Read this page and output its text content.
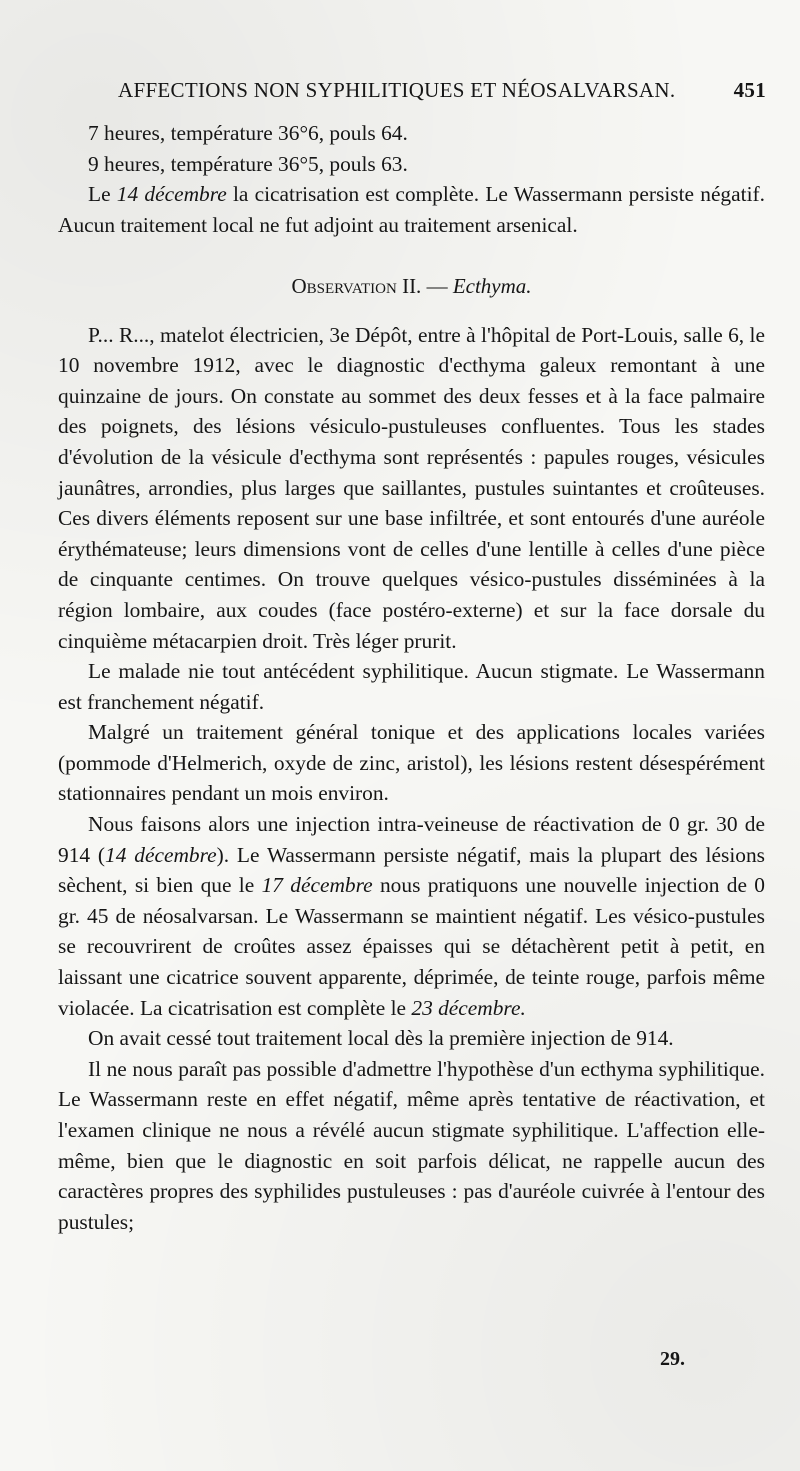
AFFECTIONS NON SYPHILITIQUES ET NÉOSALVARSAN.	451

7 heures, température 36°6, pouls 64.

9 heures, température 36°5, pouls 63.

Le 14 décembre la cicatrisation est complète. Le Wassermann persiste négatif. Aucun traitement local ne fut adjoint au traitement arsenical.

Observation II. — Ecthyma.

P... R..., matelot électricien, 3e Dépôt, entre à l'hôpital de Port-Louis, salle 6, le 10 novembre 1912, avec le diagnostic d'ecthyma galeux remontant à une quinzaine de jours. On constate au sommet des deux fesses et à la face palmaire des poignets, des lésions vésiculo-pustuleuses confluentes. Tous les stades d'évolution de la vésicule d'ecthyma sont représentés : papules rouges, vésicules jaunâtres, arrondies, plus larges que saillantes, pustules suintantes et croûteuses. Ces divers éléments reposent sur une base infiltrée, et sont entourés d'une auréole érythémateuse; leurs dimensions vont de celles d'une lentille à celles d'une pièce de cinquante centimes. On trouve quelques vésico-pustules disséminées à la région lombaire, aux coudes (face postéro-externe) et sur la face dorsale du cinquième métacarpien droit. Très léger prurit.

Le malade nie tout antécédent syphilitique. Aucun stigmate. Le Wassermann est franchement négatif.

Malgré un traitement général tonique et des applications locales variées (pommode d'Helmerich, oxyde de zinc, aristol), les lésions restent désespérément stationnaires pendant un mois environ.

Nous faisons alors une injection intra-veineuse de réactivation de 0 gr. 30 de 914 (14 décembre). Le Wassermann persiste négatif, mais la plupart des lésions sèchent, si bien que le 17 décembre nous pratiquons une nouvelle injection de 0 gr. 45 de néosalvarsan. Le Wassermann se maintient négatif. Les vésico-pustules se recouvrirent de croûtes assez épaisses qui se détachèrent petit à petit, en laissant une cicatrice souvent apparente, déprimée, de teinte rouge, parfois même violacée. La cicatrisation est complète le 23 décembre.

On avait cessé tout traitement local dès la première injection de 914.

Il ne nous paraît pas possible d'admettre l'hypothèse d'un ecthyma syphilitique. Le Wassermann reste en effet négatif, même après tentative de réactivation, et l'examen clinique ne nous a révélé aucun stigmate syphilitique. L'affection elle-même, bien que le diagnostic en soit parfois délicat, ne rappelle aucun des caractères propres des syphilides pustuleuses : pas d'auréole cuivrée à l'entour des pustules;

29.
